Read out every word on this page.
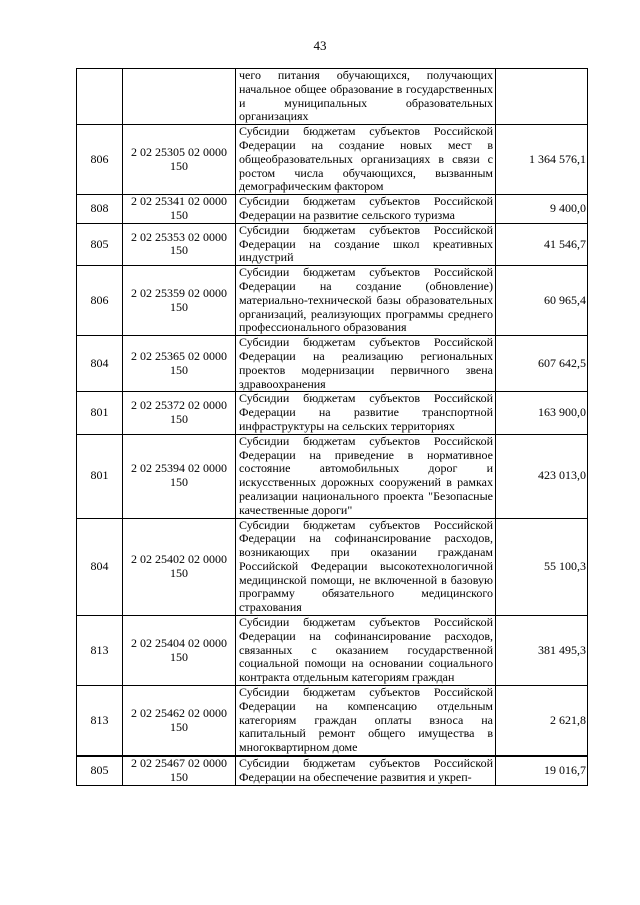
43
		чего питания обучающихся, получающих начальное общее образование в государственных и муниципальных образовательных организациях	
806	2 02 25305 02 0000 150	Субсидии бюджетам субъектов Российской Федерации на создание новых мест в общеобразовательных организациях в связи с ростом числа обучающихся, вызванным демографическим фактором	1 364 576,1
808	2 02 25341 02 0000 150	Субсидии бюджетам субъектов Российской Федерации на развитие сельского туризма	9 400,0
805	2 02 25353 02 0000 150	Субсидии бюджетам субъектов Российской Федерации на создание школ креативных индустрий	41 546,7
806	2 02 25359 02 0000 150	Субсидии бюджетам субъектов Российской Федерации на создание (обновление) материально-технической базы образовательных организаций, реализующих программы среднего профессионального образования	60 965,4
804	2 02 25365 02 0000 150	Субсидии бюджетам субъектов Российской Федерации на реализацию региональных проектов модернизации первичного звена здравоохранения	607 642,5
801	2 02 25372 02 0000 150	Субсидии бюджетам субъектов Российской Федерации на развитие транспортной инфраструктуры на сельских территориях	163 900,0
801	2 02 25394 02 0000 150	Субсидии бюджетам субъектов Российской Федерации на приведение в нормативное состояние автомобильных дорог и искусственных дорожных сооружений в рамках реализации национального проекта "Безопасные качественные дороги"	423 013,0
804	2 02 25402 02 0000 150	Субсидии бюджетам субъектов Российской Федерации на софинансирование расходов, возникающих при оказании гражданам Российской Федерации высокотехнологичной медицинской помощи, не включенной в базовую программу обязательного медицинского страхования	55 100,3
813	2 02 25404 02 0000 150	Субсидии бюджетам субъектов Российской Федерации на софинансирование расходов, связанных с оказанием государственной социальной помощи на основании социального контракта отдельным категориям граждан	381 495,3
813	2 02 25462 02 0000 150	Субсидии бюджетам субъектов Российской Федерации на компенсацию отдельным категориям граждан оплаты взноса на капитальный ремонт общего имущества в многоквартирном доме	2 621,8
805	2 02 25467 02 0000 150	Субсидии бюджетам субъектов Российской Федерации на обеспечение развития и укреп-	19 016,7
